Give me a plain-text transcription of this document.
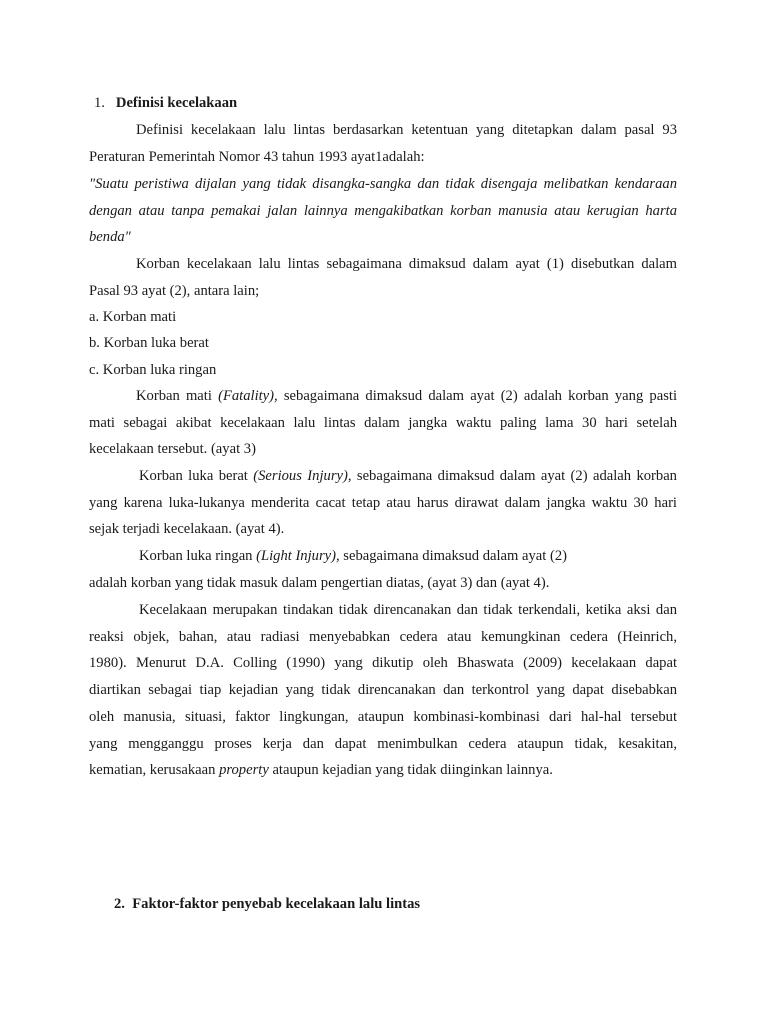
1. Definisi kecelakaan
Definisi kecelakaan lalu lintas berdasarkan ketentuan yang ditetapkan dalam pasal 93
Peraturan Pemerintah Nomor 43 tahun 1993 ayat1adalah:
"Suatu peristiwa dijalan yang tidak disangka-sangka dan tidak disengaja melibatkan kendaraan
dengan atau tanpa pemakai jalan lainnya mengakibatkan korban manusia atau kerugian harta
benda"
Korban kecelakaan lalu lintas sebagaimana dimaksud dalam ayat (1) disebutkan dalam
Pasal 93 ayat (2), antara lain;
a. Korban mati
b. Korban luka berat
c. Korban luka ringan
Korban mati (Fatality), sebagaimana dimaksud dalam ayat (2) adalah korban yang pasti
mati sebagai akibat kecelakaan lalu lintas dalam jangka waktu paling lama 30 hari setelah
kecelakaan tersebut. (ayat 3)
Korban luka berat (Serious Injury), sebagaimana dimaksud dalam ayat (2) adalah korban
yang karena luka-lukanya menderita cacat tetap atau harus dirawat dalam jangka waktu 30 hari
sejak terjadi kecelakaan. (ayat 4).
Korban luka ringan (Light Injury), sebagaimana dimaksud dalam ayat (2)
adalah korban yang tidak masuk dalam pengertian diatas, (ayat 3) dan (ayat 4).
Kecelakaan merupakan tindakan tidak direncanakan dan tidak terkendali, ketika aksi dan
reaksi objek, bahan, atau radiasi menyebabkan cedera atau kemungkinan cedera (Heinrich,
1980). Menurut D.A. Colling (1990) yang dikutip oleh Bhaswata (2009) kecelakaan dapat
diartikan sebagai tiap kejadian yang tidak direncanakan dan terkontrol yang dapat disebabkan
oleh manusia, situasi, faktor lingkungan, ataupun kombinasi-kombinasi dari hal-hal tersebut
yang mengganggu proses kerja dan dapat menimbulkan cedera ataupun tidak, kesakitan,
kematian, kerusakaan property ataupun kejadian yang tidak diinginkan lainnya.
2. Faktor-faktor penyebab kecelakaan lalu lintas
